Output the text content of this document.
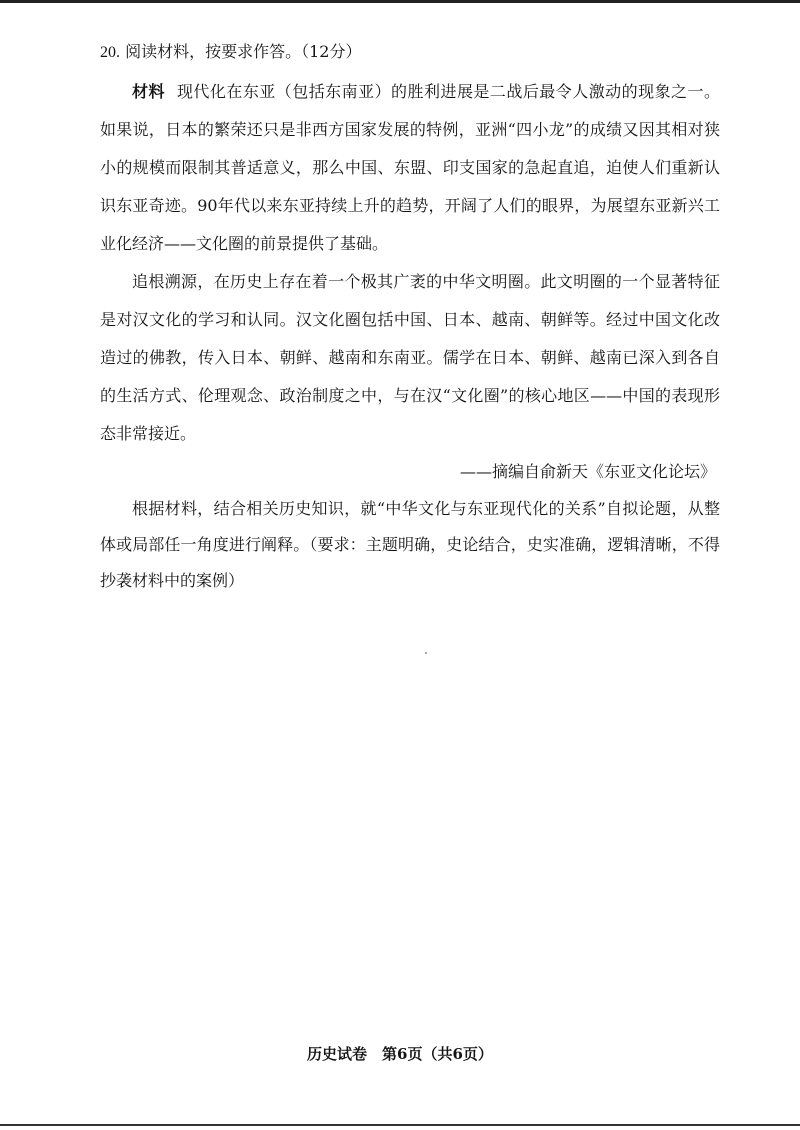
20. 阅读材料，按要求作答。（12分）

材料 现代化在东亚（包括东南亚）的胜利进展是二战后最令人激动的现象之一。如果说，日本的繁荣还只是非西方国家发展的特例，亚洲“四小龙”的成绩又因其相对狭小的规模而限制其普适意义，那么中国、东盟、印支国家的急起直追，迫使人们重新认识东亚奇迹。90年代以来东亚持续上升的趋势，开阔了人们的眼界，为展望东亚新兴工业化经济——文化圈的前景提供了基础。

追根溯源，在历史上存在着一个极其广袤的中华文明圈。此文明圈的一个显著特征是对汉文化的学习和认同。汉文化圈包括中国、日本、越南、朝鲜等。经过中国文化改造过的佛教，传入日本、朝鲜、越南和东南亚。儒学在日本、朝鲜、越南已深入到各自的生活方式、伦理观念、政治制度之中，与在汉“文化圈”的核心地区——中国的表现形态非常接近。

——摘编自俞新天《东亚文化论坛》

根据材料，结合相关历史知识，就“中华文化与东亚现代化的关系”自拟论题，从整体或局部任一角度进行阐释。（要求：主题明确，史论结合，史实准确，逻辑清晰，不得抄袭材料中的案例）

历史试卷　第6页（共6页）
